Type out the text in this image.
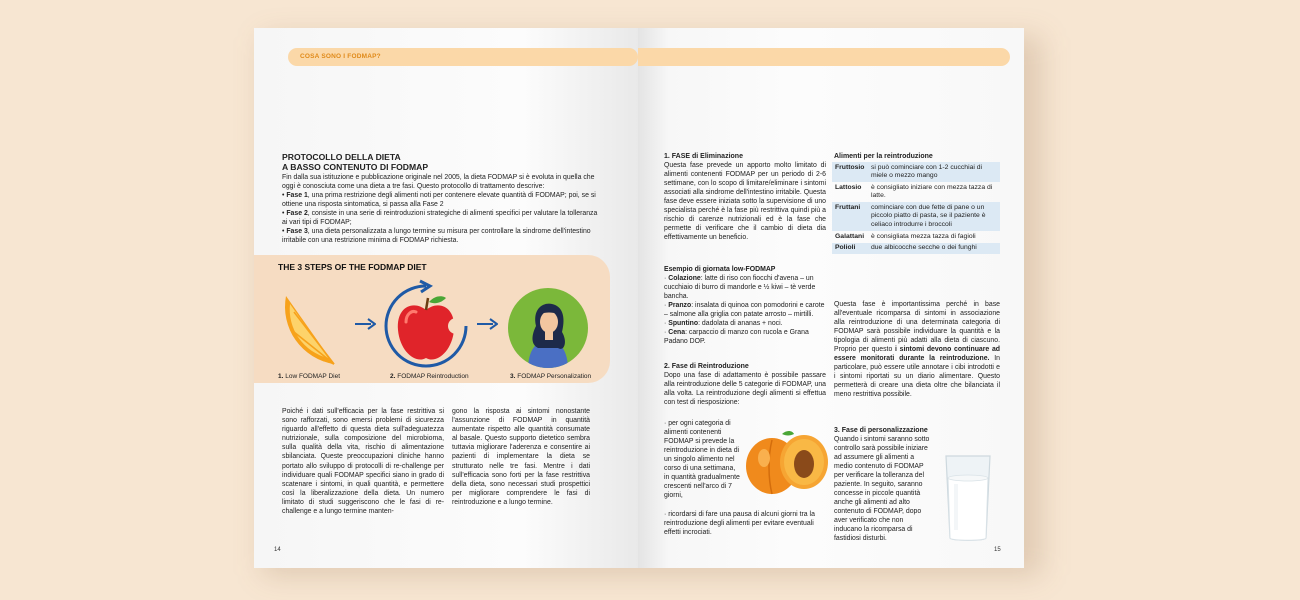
COSA SONO I FODMAP?
PROTOCOLLO DELLA DIETA
A BASSO CONTENUTO DI FODMAP

Fin dalla sua istituzione e pubblicazione originale nel 2005, la dieta FODMAP si è evoluta in quella che oggi è conosciuta come una dieta a tre fasi. Questo protocollo di trattamento descrive:

• Fase 1, una prima restrizione degli alimenti noti per contenere elevate quantità di FODMAP; poi, se si ottiene una risposta sintomatica, si passa alla Fase 2

• Fase 2, consiste in una serie di reintroduzioni strategiche di alimenti specifici per valutare la tolleranza ai vari tipi di FODMAP;

• Fase 3, una dieta personalizzata a lungo termine su misura per controllare la sindrome dell'intestino irritabile con una restrizione minima di FODMAP richiesta.

THE 3 STEPS OF THE FODMAP DIET
1. Low FODMAP Diet	2. FODMAP Reintroduction	3. FODMAP Personalization
Poiché i dati sull'efficacia per la fase restrittiva si sono rafforzati, sono emersi problemi di sicurezza riguardo all'effetto di questa dieta sull'adeguatezza nutrizionale, sulla composizione del microbioma, sulla qualità della vita, rischio di alimentazione sbilanciata. Queste preoccupazioni cliniche hanno portato allo sviluppo di protocolli di re-challenge per individuare quali FODMAP specifici siano in grado di scatenare i sintomi, in quali quantità, e permettere così la liberalizzazione della dieta. Un numero limitato di studi suggeriscono che le fasi di re-challenge e a lungo termine manten-
gono la risposta ai sintomi nonostante l'assunzione di FODMAP in quantità aumentate rispetto alle quantità consumate al basale. Questo supporto dietetico sembra tuttavia migliorare l'aderenza e consentire ai pazienti di implementare la dieta se strutturato nelle tre fasi. Mentre i dati sull'efficacia sono forti per la fase restrittiva della dieta, sono necessari studi prospettici per migliorare comprendere le fasi di reintroduzione e a lungo termine.
14
1. FASE di Eliminazione
Questa fase prevede un apporto molto limitato di alimenti contenenti FODMAP per un periodo di 2-6 settimane, con lo scopo di limitare/eliminare i sintomi associati alla sindrome dell'intestino irritabile. Questa fase deve essere iniziata sotto la supervisione di uno specialista perché è la fase più restrittiva quindi più a rischio di carenze nutrizionali ed è la fase che permette di verificare che il cambio di dieta dia effettivamente un beneficio.
Esempio di giornata low-FODMAP

· Colazione: latte di riso con fiocchi d'avena – un cucchiaio di burro di mandorle e ½ kiwi – tè verde bancha.

· Pranzo: insalata di quinoa con pomodorini e carote – salmone alla griglia con patate arrosto – mirtilli.

· Spuntino: dadolata di ananas + noci.

· Cena: carpaccio di manzo con rucola e Grana Padano DOP.

2. Fase di Reintroduzione
Dopo una fase di adattamento è possibile passare alla reintroduzione delle 5 categorie di FODMAP, una alla volta. La reintroduzione degli alimenti si effettua con test di riesposizione:
· per ogni categoria di alimenti contenenti FODMAP si prevede la reintroduzione in dieta di un singolo alimento nel corso di una settimana, in quantità gradualmente crescenti nell'arco di 7 giorni,
· ricordarsi di fare una pausa di alcuni giorni tra la reintroduzione degli alimenti per evitare eventuali effetti incrociati.
Alimenti per la reintroduzione
Fruttosio	si può cominciare con 1-2 cucchiai di miele o mezzo mango
Lattosio	è consigliato iniziare con mezza tazza di latte.
Fruttani	cominciare con due fette di pane o un piccolo piatto di pasta, se il paziente è celiaco introdurre i broccoli
Galattani	è consigliata mezza tazza di fagioli
Polioli	due albicocche secche o dei funghi
Questa fase è importantissima perché in base all'eventuale ricomparsa di sintomi in associazione alla reintroduzione di una determinata categoria di FODMAP sarà possibile individuare la quantità e la tipologia di alimenti più adatti alla dieta di ciascuno. Proprio per questo i sintomi devono continuare ad essere monitorati durante la reintroduzione. In particolare, può essere utile annotare i cibi introdotti e i sintomi riportati su un diario alimentare. Questo permetterà di creare una dieta oltre che bilanciata il meno restrittiva possibile.
3. Fase di personalizzazione
Quando i sintomi saranno sotto controllo sarà possibile iniziare ad assumere gli alimenti a medio contenuto di FODMAP per verificare la tolleranza del paziente. In seguito, saranno concesse in piccole quantità anche gli alimenti ad alto contenuto di FODMAP, dopo aver verificato che non inducano la ricomparsa di fastidiosi disturbi.
15
